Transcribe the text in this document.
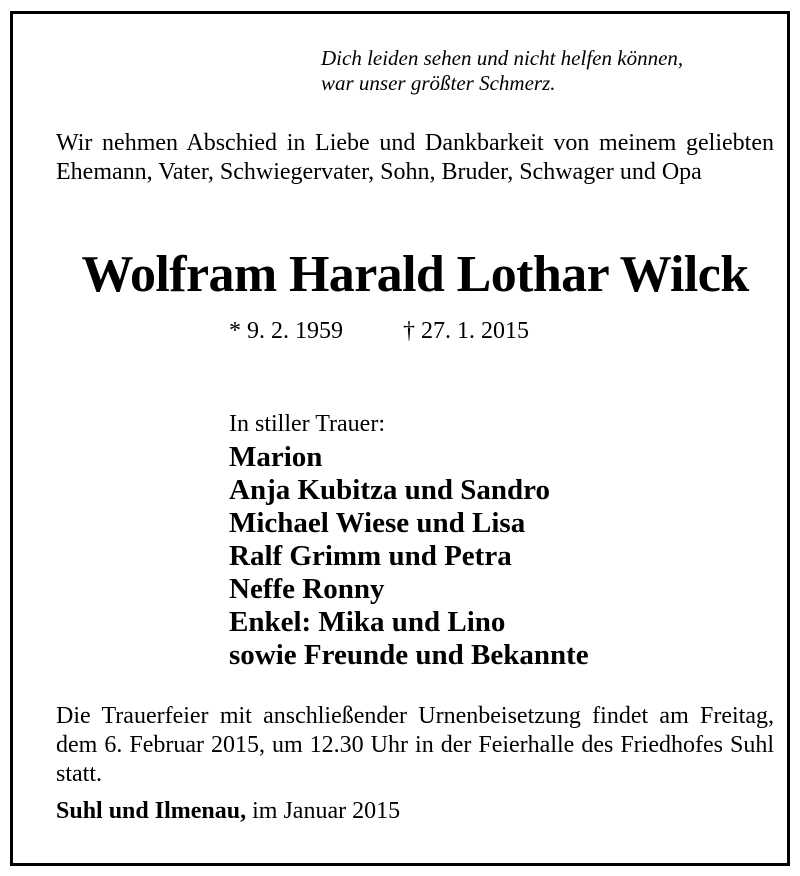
Dich leiden sehen und nicht helfen können,
war unser größter Schmerz.
Wir nehmen Abschied in Liebe und Dankbarkeit von meinem geliebten Ehemann, Vater, Schwiegervater, Sohn, Bruder, Schwager und Opa
Wolfram Harald Lothar Wilck
* 9. 2. 1959	† 27. 1. 2015
In stiller Trauer:
Marion
Anja Kubitza und Sandro
Michael Wiese und Lisa
Ralf Grimm und Petra
Neffe Ronny
Enkel: Mika und Lino
sowie Freunde und Bekannte
Die Trauerfeier mit anschließender Urnenbeisetzung findet am Freitag, dem 6. Februar 2015, um 12.30 Uhr in der Feierhalle des Friedhofes Suhl statt.
Suhl und Ilmenau, im Januar 2015
